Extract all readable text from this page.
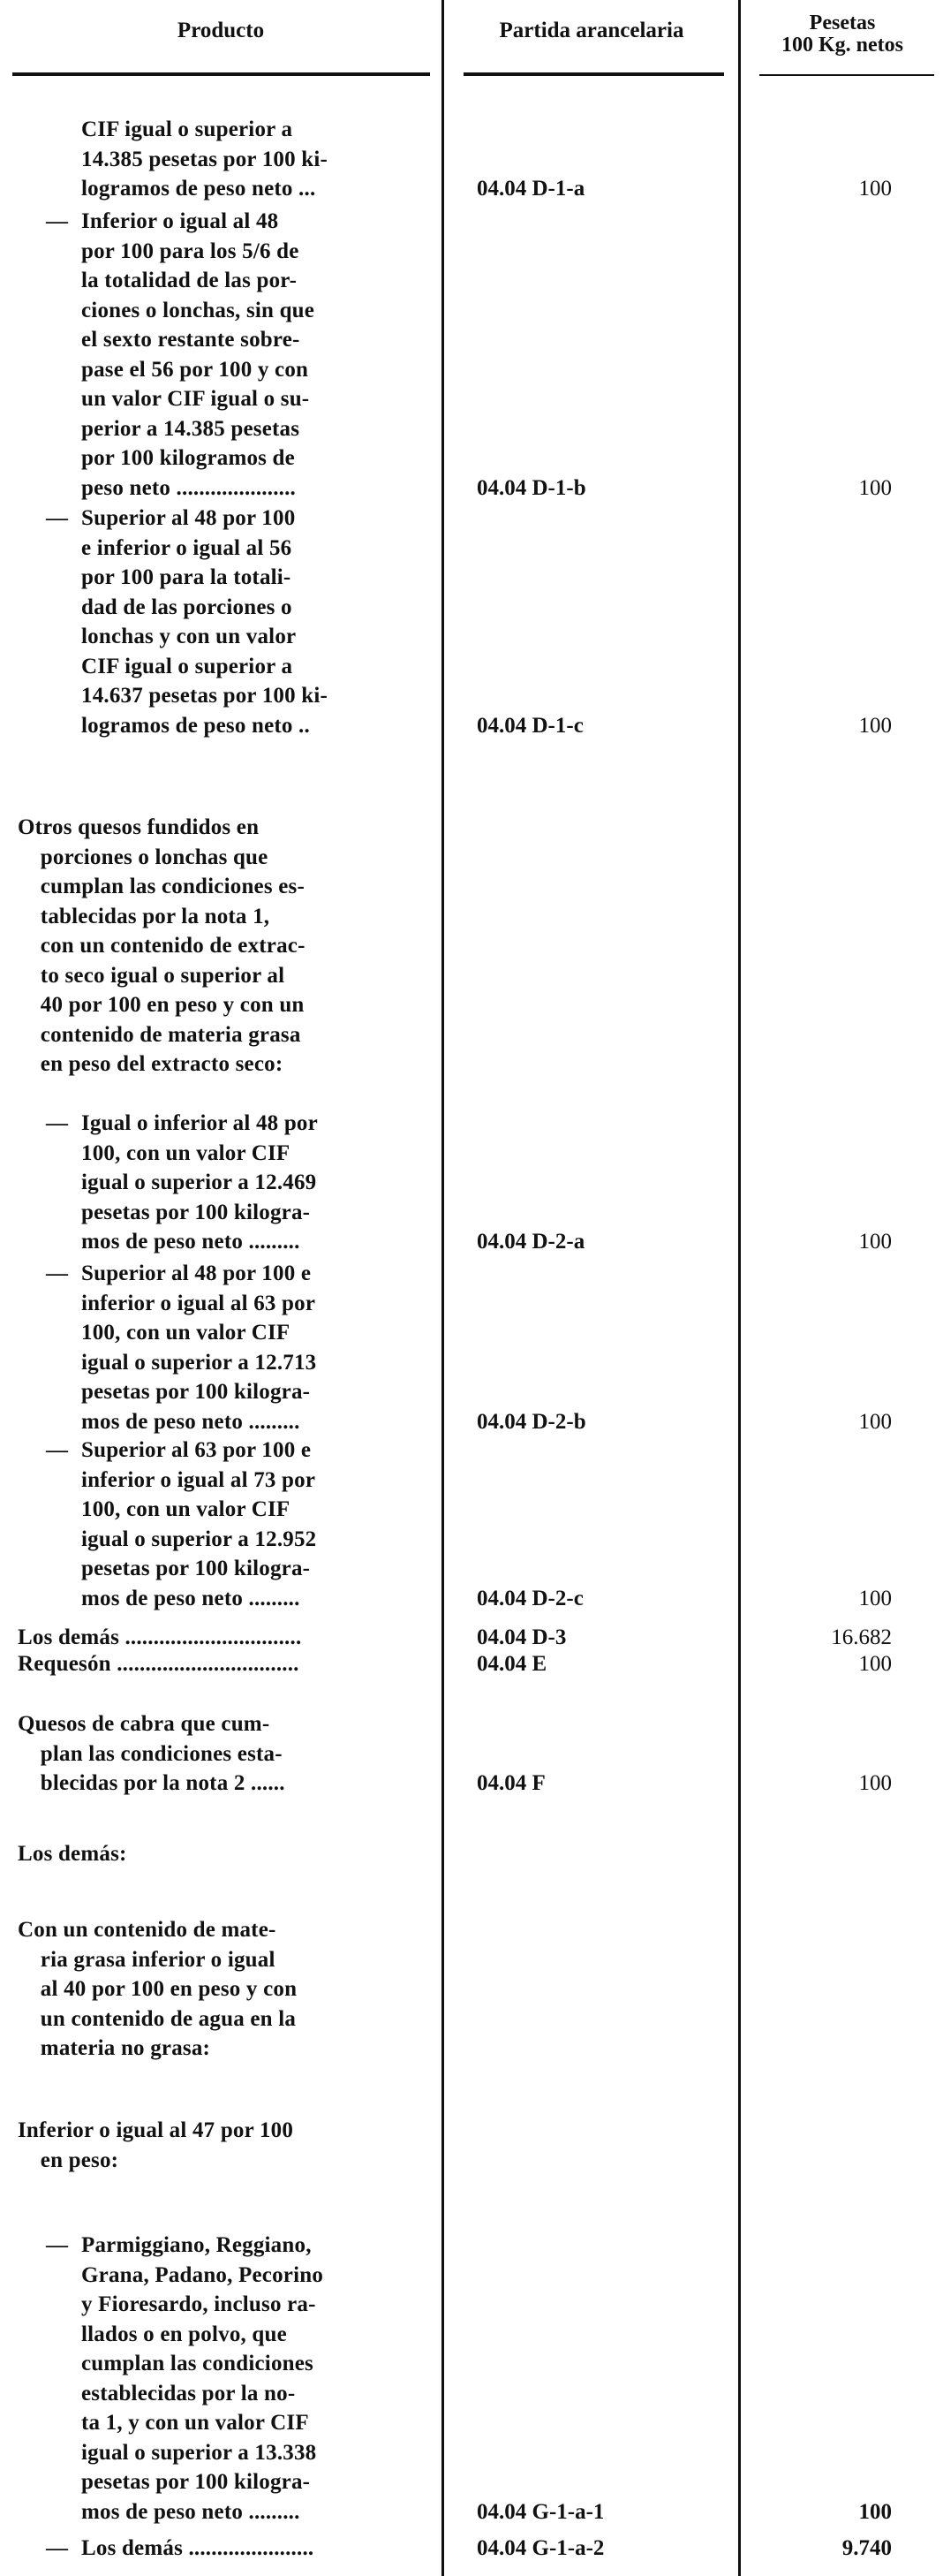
Producto	Partida arancelaria	Pesetas
100 Kg. netos
CIF igual o superior a
14.385 pesetas por 100 ki-
logramos de peso neto ...	04.04 D-1-a	100
— Inferior o igual al 48
por 100 para los 5/6 de
la totalidad de las por-
ciones o lonchas, sin que
el sexto restante sobre-
pase el 56 por 100 y con
un valor CIF igual o su-
perior a 14.385 pesetas
por 100 kilogramos de
peso neto .....................	04.04 D-1-b	100
— Superior al 48 por 100
e inferior o igual al 56
por 100 para la totali-
dad de las porciones o
lonchas y con un valor
CIF igual o superior a
14.637 pesetas por 100 ki-
logramos de peso neto ..	04.04 D-1-c	100
Otros quesos fundidos en
porciones o lonchas que
cumplan las condiciones es-
tablecidas por la nota 1,
con un contenido de extrac-
to seco igual o superior al
40 por 100 en peso y con un
contenido de materia grasa
en peso del extracto seco:
— Igual o inferior al 48 por
100, con un valor CIF
igual o superior a 12.469
pesetas por 100 kilogra-
mos de peso neto .........	04.04 D-2-a	100
— Superior al 48 por 100 e
inferior o igual al 63 por
100, con un valor CIF
igual o superior a 12.713
pesetas por 100 kilogra-
mos de peso neto .........	04.04 D-2-b	100
— Superior al 63 por 100 e
inferior o igual al 73 por
100, con un valor CIF
igual o superior a 12.952
pesetas por 100 kilogra-
mos de peso neto .........	04.04 D-2-c	100
Los demás ...............................	04.04 D-3	16.682
Requesón ................................	04.04 E	100
Quesos de cabra que cum-
plan las condiciones esta-
blecidas por la nota 2 ......	04.04 F	100
Los demás:
Con un contenido de mate-
ria grasa inferior o igual
al 40 por 100 en peso y con
un contenido de agua en la
materia no grasa:
Inferior o igual al 47 por 100
en peso:
— Parmiggiano, Reggiano,
Grana, Padano, Pecorino
y Fioresardo, incluso ra-
llados o en polvo, que
cumplan las condiciones
establecidas por la no-
ta 1, y con un valor CIF
igual o superior a 13.338
pesetas por 100 kilogra-
mos de peso neto .........	04.04 G-1-a-1	100
— Los demás ......................	04.04 G-1-a-2	9.740
